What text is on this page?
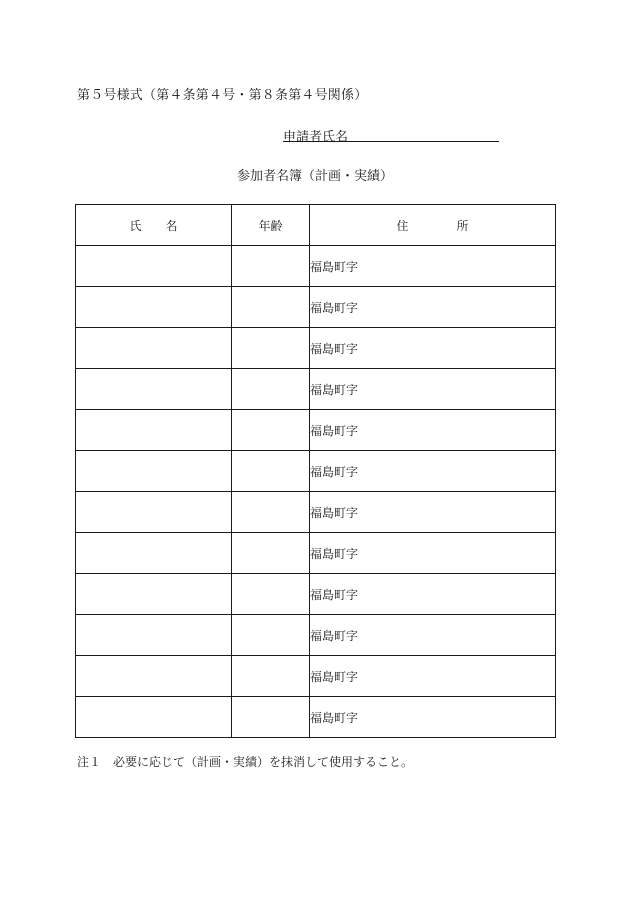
第５号様式（第４条第４号・第８条第４号関係）
申請者氏名
参加者名簿（計画・実績）
氏　　名	年齢	住　　　　所
		福島町字
		福島町字
		福島町字
		福島町字
		福島町字
		福島町字
		福島町字
		福島町字
		福島町字
		福島町字
		福島町字
		福島町字
注１　必要に応じて（計画・実績）を抹消して使用すること。
